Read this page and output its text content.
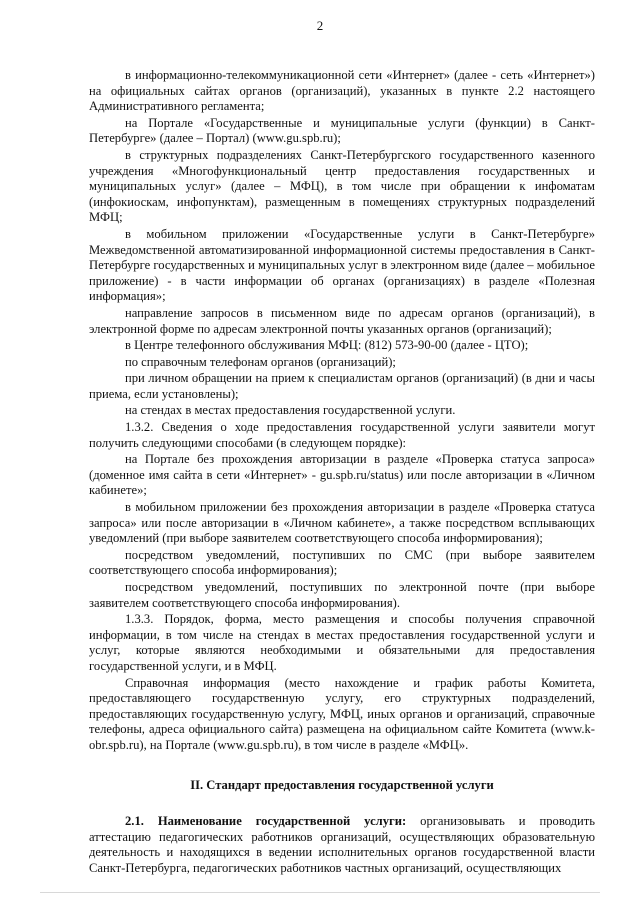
2

в информационно-телекоммуникационной сети «Интернет» (далее - сеть «Интернет») на официальных сайтах органов (организаций), указанных в пункте 2.2 настоящего Административного регламента;

на Портале «Государственные и муниципальные услуги (функции) в Санкт-Петербурге» (далее – Портал) (www.gu.spb.ru);

в структурных подразделениях Санкт-Петербургского государственного казенного учреждения «Многофункциональный центр предоставления государственных и муниципальных услуг» (далее – МФЦ), в том числе при обращении к инфоматам (инфокиоскам, инфопунктам), размещенным в помещениях структурных подразделений МФЦ;

в мобильном приложении «Государственные услуги в Санкт-Петербурге» Межведомственной автоматизированной информационной системы предоставления в Санкт-Петербурге государственных и муниципальных услуг в электронном виде (далее – мобильное приложение) - в части информации об органах (организациях) в разделе «Полезная информация»;

направление запросов в письменном виде по адресам органов (организаций), в электронной форме по адресам электронной почты указанных органов (организаций);

в Центре телефонного обслуживания МФЦ: (812) 573-90-00 (далее - ЦТО);

по справочным телефонам органов (организаций);

при личном обращении на прием к специалистам органов (организаций) (в дни и часы приема, если установлены);

на стендах в местах предоставления государственной услуги.

1.3.2. Сведения о ходе предоставления государственной услуги заявители могут получить следующими способами (в следующем порядке):

на Портале без прохождения авторизации в разделе «Проверка статуса запроса» (доменное имя сайта в сети «Интернет» - gu.spb.ru/status) или после авторизации в «Личном кабинете»;

в мобильном приложении без прохождения авторизации в разделе «Проверка статуса запроса» или после авторизации в «Личном кабинете», а также посредством всплывающих уведомлений (при выборе заявителем соответствующего способа информирования);

посредством уведомлений, поступивших по СМС (при выборе заявителем соответствующего способа информирования);

посредством уведомлений, поступивших по электронной почте (при выборе заявителем соответствующего способа информирования).

1.3.3. Порядок, форма, место размещения и способы получения справочной информации, в том числе на стендах в местах предоставления государственной услуги и услуг, которые являются необходимыми и обязательными для предоставления государственной услуги, и в МФЦ.

Справочная информация (место нахождение и график работы Комитета, предоставляющего государственную услугу, его структурных подразделений, предоставляющих государственную услугу, МФЦ, иных органов и организаций, справочные телефоны, адреса официального сайта) размещена на официальном сайте Комитета (www.k-obr.spb.ru), на Портале (www.gu.spb.ru), в том числе в разделе «МФЦ».

II. Стандарт предоставления государственной услуги

2.1. Наименование государственной услуги: организовывать и проводить аттестацию педагогических работников организаций, осуществляющих образовательную деятельность и находящихся в ведении исполнительных органов государственной власти Санкт-Петербурга, педагогических работников частных организаций, осуществляющих
